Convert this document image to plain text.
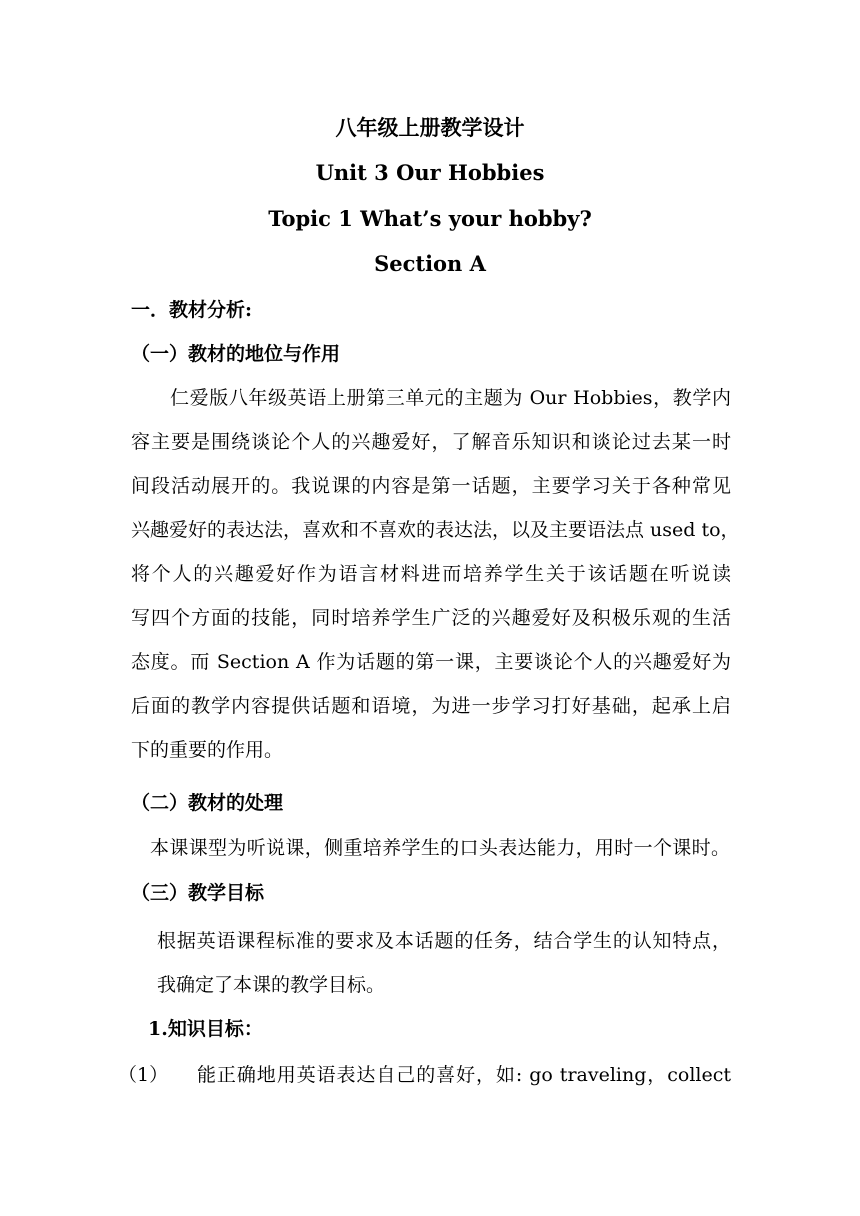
八年级上册教学设计
Unit 3 Our Hobbies
Topic 1 What’s your hobby?
Section A
一．教材分析:
（一）教材的地位与作用
仁爱版八年级英语上册第三单元的主题为 Our Hobbies，教学内
容主要是围绕谈论个人的兴趣爱好，了解音乐知识和谈论过去某一时
间段活动展开的。我说课的内容是第一话题，主要学习关于各种常见
兴趣爱好的表达法，喜欢和不喜欢的表达法，以及主要语法点 used to，
将个人的兴趣爱好作为语言材料进而培养学生关于该话题在听说读
写四个方面的技能，同时培养学生广泛的兴趣爱好及积极乐观的生活
态度。而 Section A 作为话题的第一课，主要谈论个人的兴趣爱好为
后面的教学内容提供话题和语境，为进一步学习打好基础，起承上启
下的重要的作用。
（二）教材的处理
本课课型为听说课，侧重培养学生的口头表达能力，用时一个课时。
（三）教学目标
根据英语课程标准的要求及本话题的任务，结合学生的认知特点，
我确定了本课的教学目标。
1.知识目标：
（1） 能正确地用英语表达自己的喜好，如: go traveling，collect
